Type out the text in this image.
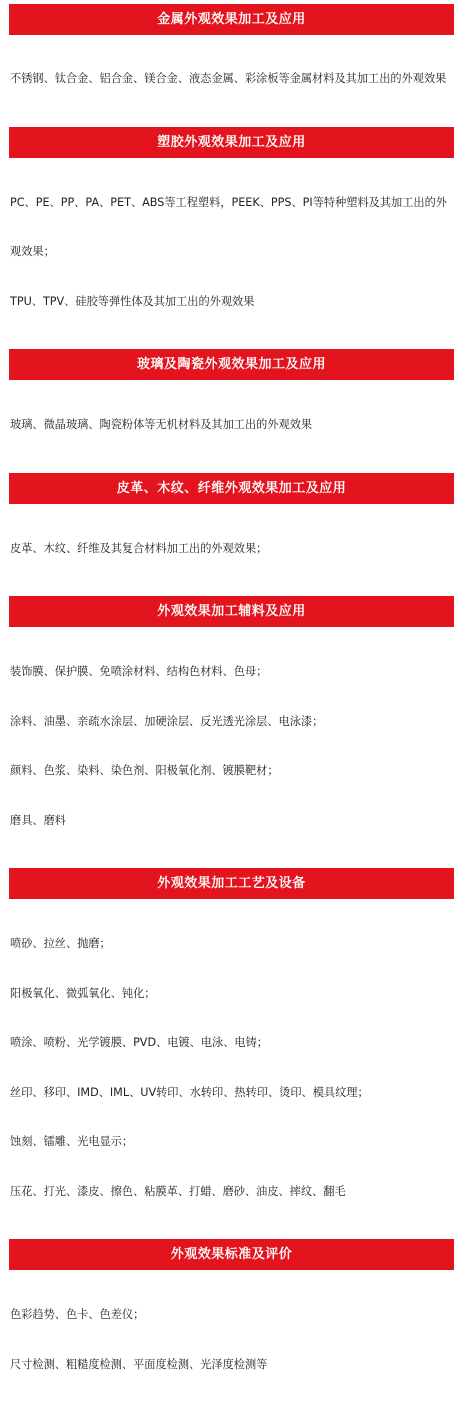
金属外观效果加工及应用

不锈钢、钛合金、铝合金、镁合金、液态金属、彩涂板等金属材料及其加工出的外观效果

塑胶外观效果加工及应用

PC、PE、PP、PA、PET、ABS等工程塑料，PEEK、PPS、PI等特种塑料及其加工出的外

观效果；

TPU、TPV、硅胶等弹性体及其加工出的外观效果

玻璃及陶瓷外观效果加工及应用

玻璃、微晶玻璃、陶瓷粉体等无机材料及其加工出的外观效果

皮革、木纹、纤维外观效果加工及应用

皮革、木纹、纤维及其复合材料加工出的外观效果；

外观效果加工辅料及应用

装饰膜、保护膜、免喷涂材料、结构色材料、色母；

涂料、油墨、亲疏水涂层、加硬涂层、反光透光涂层、电泳漆；

颜料、色浆、染料、染色剂、阳极氧化剂、镀膜靶材；

磨具、磨料

外观效果加工工艺及设备

喷砂、拉丝、抛磨；

阳极氧化、微弧氧化、钝化；

喷涂、喷粉、光学镀膜、PVD、电镀、电泳、电铸；

丝印、移印、IMD、IML、UV转印、水转印、热转印、烫印、模具纹理；

蚀刻、镭雕、光电显示；

压花、打光、漆皮、擦色、粘膜革、打蜡、磨砂、油皮、摔纹、翻毛

外观效果标准及评价

色彩趋势、色卡、色差仪；

尺寸检测、粗糙度检测、平面度检测、光泽度检测等
